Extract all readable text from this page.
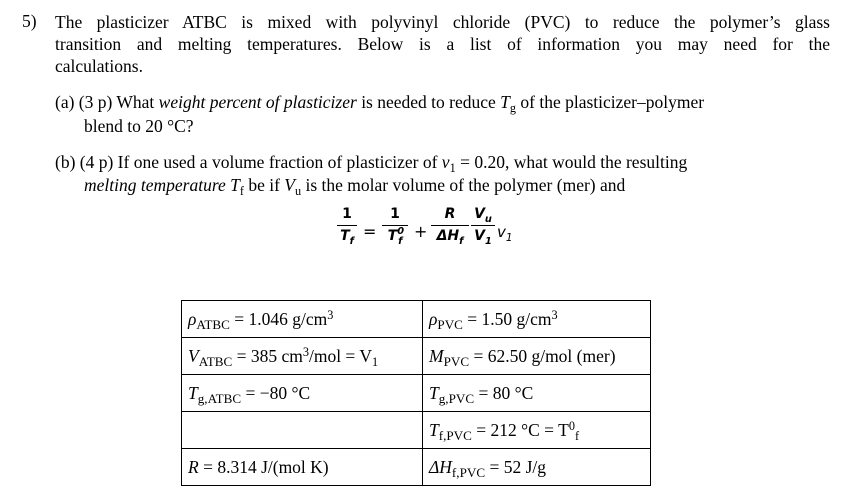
5) The plasticizer ATBC is mixed with polyvinyl chloride (PVC) to reduce the polymer’s glass
transition and melting temperatures. Below is a list of information you may need for the
calculations.
(a) (3 p) What weight percent of plasticizer is needed to reduce $T_g$ of the plasticizer–polymer
blend to 20 °C?
(b) (4 p) If one used a volume fraction of plasticizer of $v_1 = 0.20$, what would the resulting
melting temperature $T_f$ be if $V_u$ is the molar volume of the polymer (mer) and
1
$T_f$
=
1
$T^0_f$
+
R
$\Delta H_f$
$V_u$
$V_1$
$v_1$
$\rho_{ATBC} = 1.046$ $g/cm^3$	$\rho_{PVC} = 1.50$ $g/cm^3$
$V_{ATBC} = 385$ $cm^3$/mol = $V_1$	$M_{PVC} = 62.50$ g/mol (mer)
$T_{g,ATBC} = -80$ °C	$T_{g,PVC} = 80$ °C
	$T_{f,PVC} = 212$ $^\circ C = T^0_f$
R = 8.314 J/(mol K)	$\Delta H_{f,PVC} = 52$ J/g
